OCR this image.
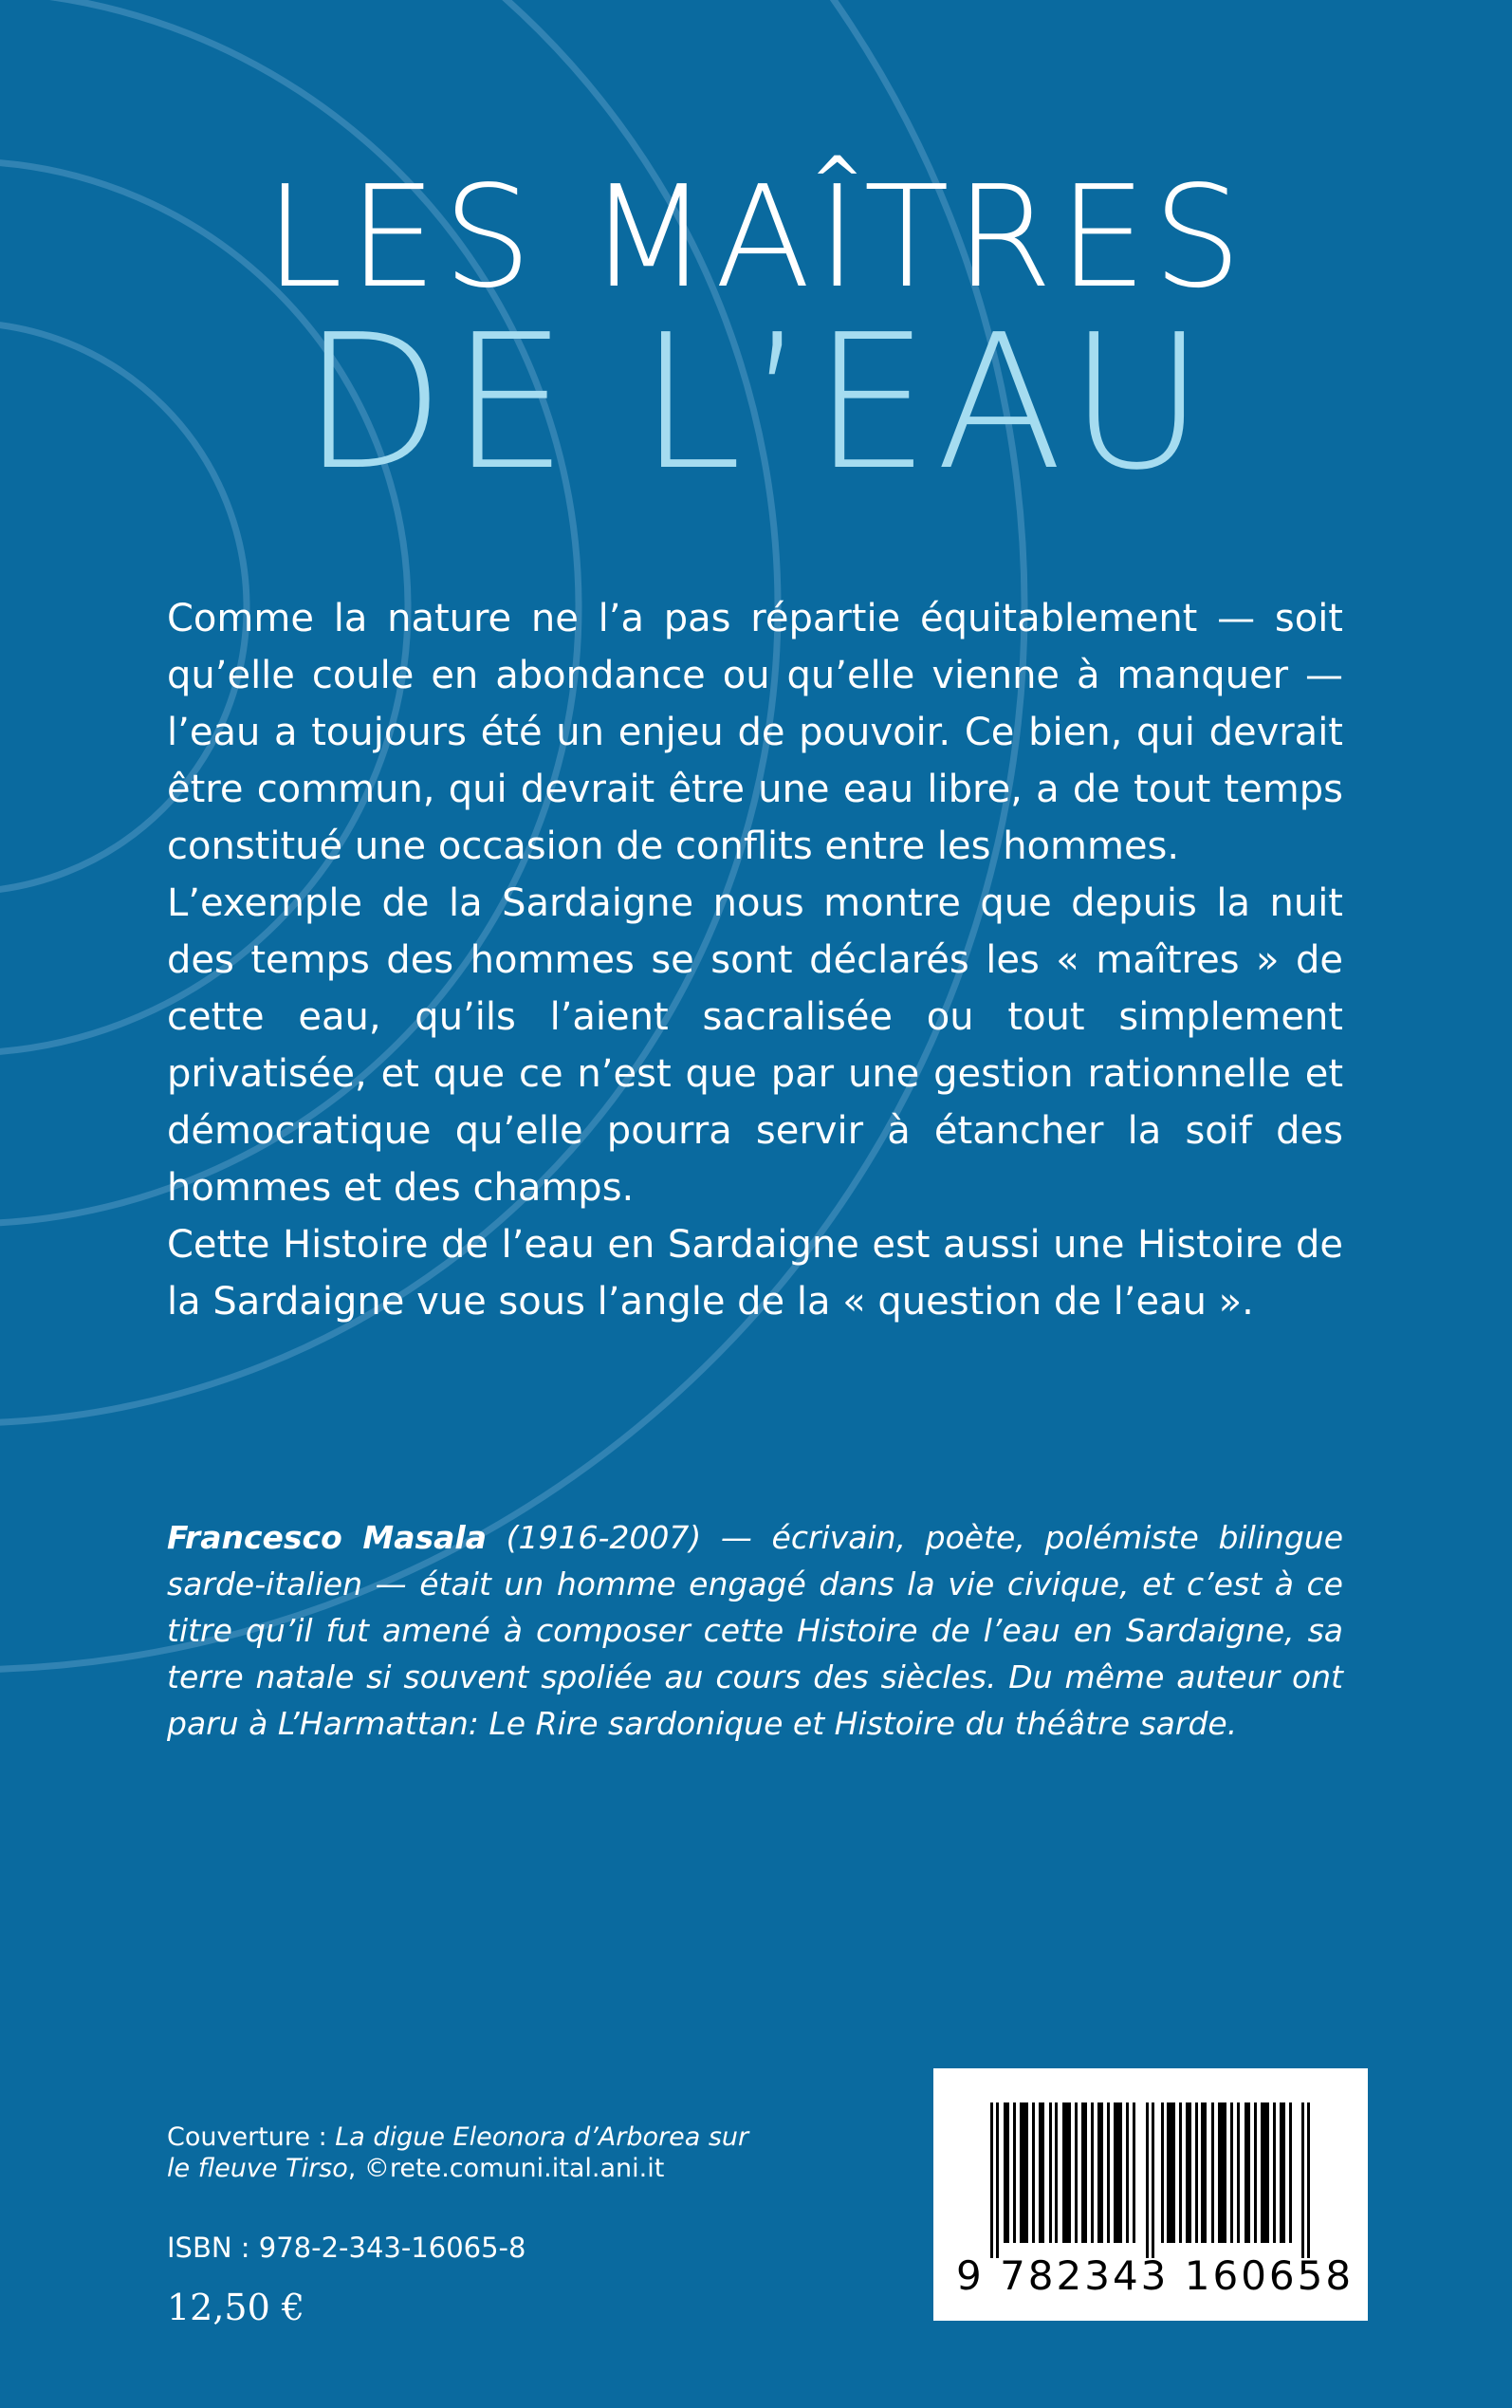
LES MAÎTRES
DE L’EAU

Comme la nature ne l’a pas répartie équitablement — soit qu’elle coule en abondance ou qu’elle vienne à manquer — l’eau a toujours été un enjeu de pouvoir. Ce bien, qui devrait être commun, qui devrait être une eau libre, a de tout temps constitué une occasion de conflits entre les hommes.

L’exemple de la Sardaigne nous montre que depuis la nuit des temps des hommes se sont déclarés les « maîtres » de cette eau, qu’ils l’aient sacralisée ou tout simplement privatisée, et que ce n’est que par une gestion rationnelle et démocratique qu’elle pourra servir à étancher la soif des hommes et des champs.

Cette Histoire de l’eau en Sardaigne est aussi une Histoire de la Sardaigne vue sous l’angle de la « question de l’eau ».

Francesco Masala (1916-2007) — écrivain, poète, polémiste bilingue sarde-italien — était un homme engagé dans la vie civique, et c’est à ce titre qu’il fut amené à composer cette Histoire de l’eau en Sardaigne, sa terre natale si souvent spoliée au cours des siècles. Du même auteur ont paru à L’Harmattan: Le Rire sardonique et Histoire du théâtre sarde.
Couverture : La digue Eleonora d’Arborea sur le fleuve Tirso, ©rete.comuni.ital.ani.it
ISBN : 978-2-343-16065-8
12,50 €
9 782343 160658
